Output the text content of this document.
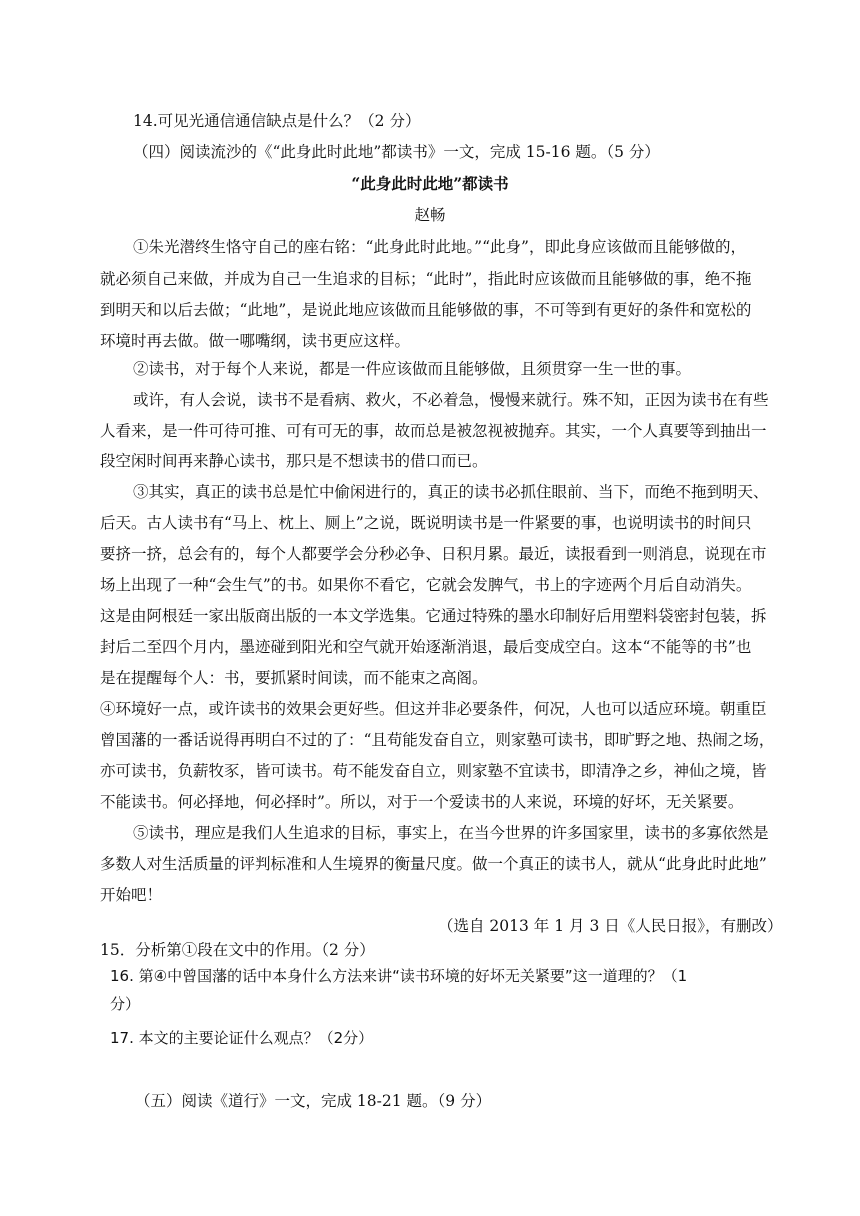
14.可见光通信通信缺点是什么？（2 分）
（四）阅读流沙的《“此身此时此地”都读书》一文，完成 15-16 题。（5 分）
“此身此时此地”都读书
赵畅
①朱光潜终生恪守自己的座右铭：“此身此时此地。”“此身”，即此身应该做而且能够做的，
就必须自己来做，并成为自己一生追求的目标；“此时”，指此时应该做而且能够做的事，绝不拖
到明天和以后去做；“此地”，是说此地应该做而且能够做的事，不可等到有更好的条件和宽松的
环境时再去做。做一哪嘴纲，读书更应这样。
②读书，对于每个人来说，都是一件应该做而且能够做，且须贯穿一生一世的事。
或许，有人会说，读书不是看病、救火，不必着急，慢慢来就行。殊不知，正因为读书在有些
人看来，是一件可待可推、可有可无的事，故而总是被忽视被抛弃。其实，一个人真要等到抽出一
段空闲时间再来静心读书，那只是不想读书的借口而已。
③其实，真正的读书总是忙中偷闲进行的，真正的读书必抓住眼前、当下，而绝不拖到明天、
后天。古人读书有“马上、枕上、厕上”之说，既说明读书是一件紧要的事，也说明读书的时间只
要挤一挤，总会有的，每个人都要学会分秒必争、日积月累。最近，读报看到一则消息，说现在市
场上出现了一种“会生气”的书。如果你不看它，它就会发脾气，书上的字迹两个月后自动消失。
这是由阿根廷一家出版商出版的一本文学选集。它通过特殊的墨水印制好后用塑料袋密封包装，拆
封后二至四个月内，墨迹碰到阳光和空气就开始逐渐消退，最后变成空白。这本“不能等的书”也
是在提醒每个人：书，要抓紧时间读，而不能束之高阁。
④环境好一点，或许读书的效果会更好些。但这并非必要条件，何况，人也可以适应环境。朝重臣
曾国藩的一番话说得再明白不过的了：“且苟能发奋自立，则家塾可读书，即旷野之地、热闹之场，
亦可读书，负薪牧豕，皆可读书。苟不能发奋自立，则家塾不宜读书，即清净之乡，神仙之境，皆
不能读书。何必择地，何必择时”。所以，对于一个爱读书的人来说，环境的好坏，无关紧要。
⑤读书，理应是我们人生追求的目标，事实上，在当今世界的许多国家里，读书的多寡依然是
多数人对生活质量的评判标准和人生境界的衡量尺度。做一个真正的读书人，就从“此身此时此地”
开始吧！
（选自 2013 年 1 月 3 日《人民日报》，有删改）
15．分析第①段在文中的作用。（2 分）
16. 第④中曾国藩的话中本身什么方法来讲“读书环境的好坏无关紧要”这一道理的？（1
分）
17. 本文的主要论证什么观点？（2分）
（五）阅读《道行》一文，完成 18-21 题。（9 分）
